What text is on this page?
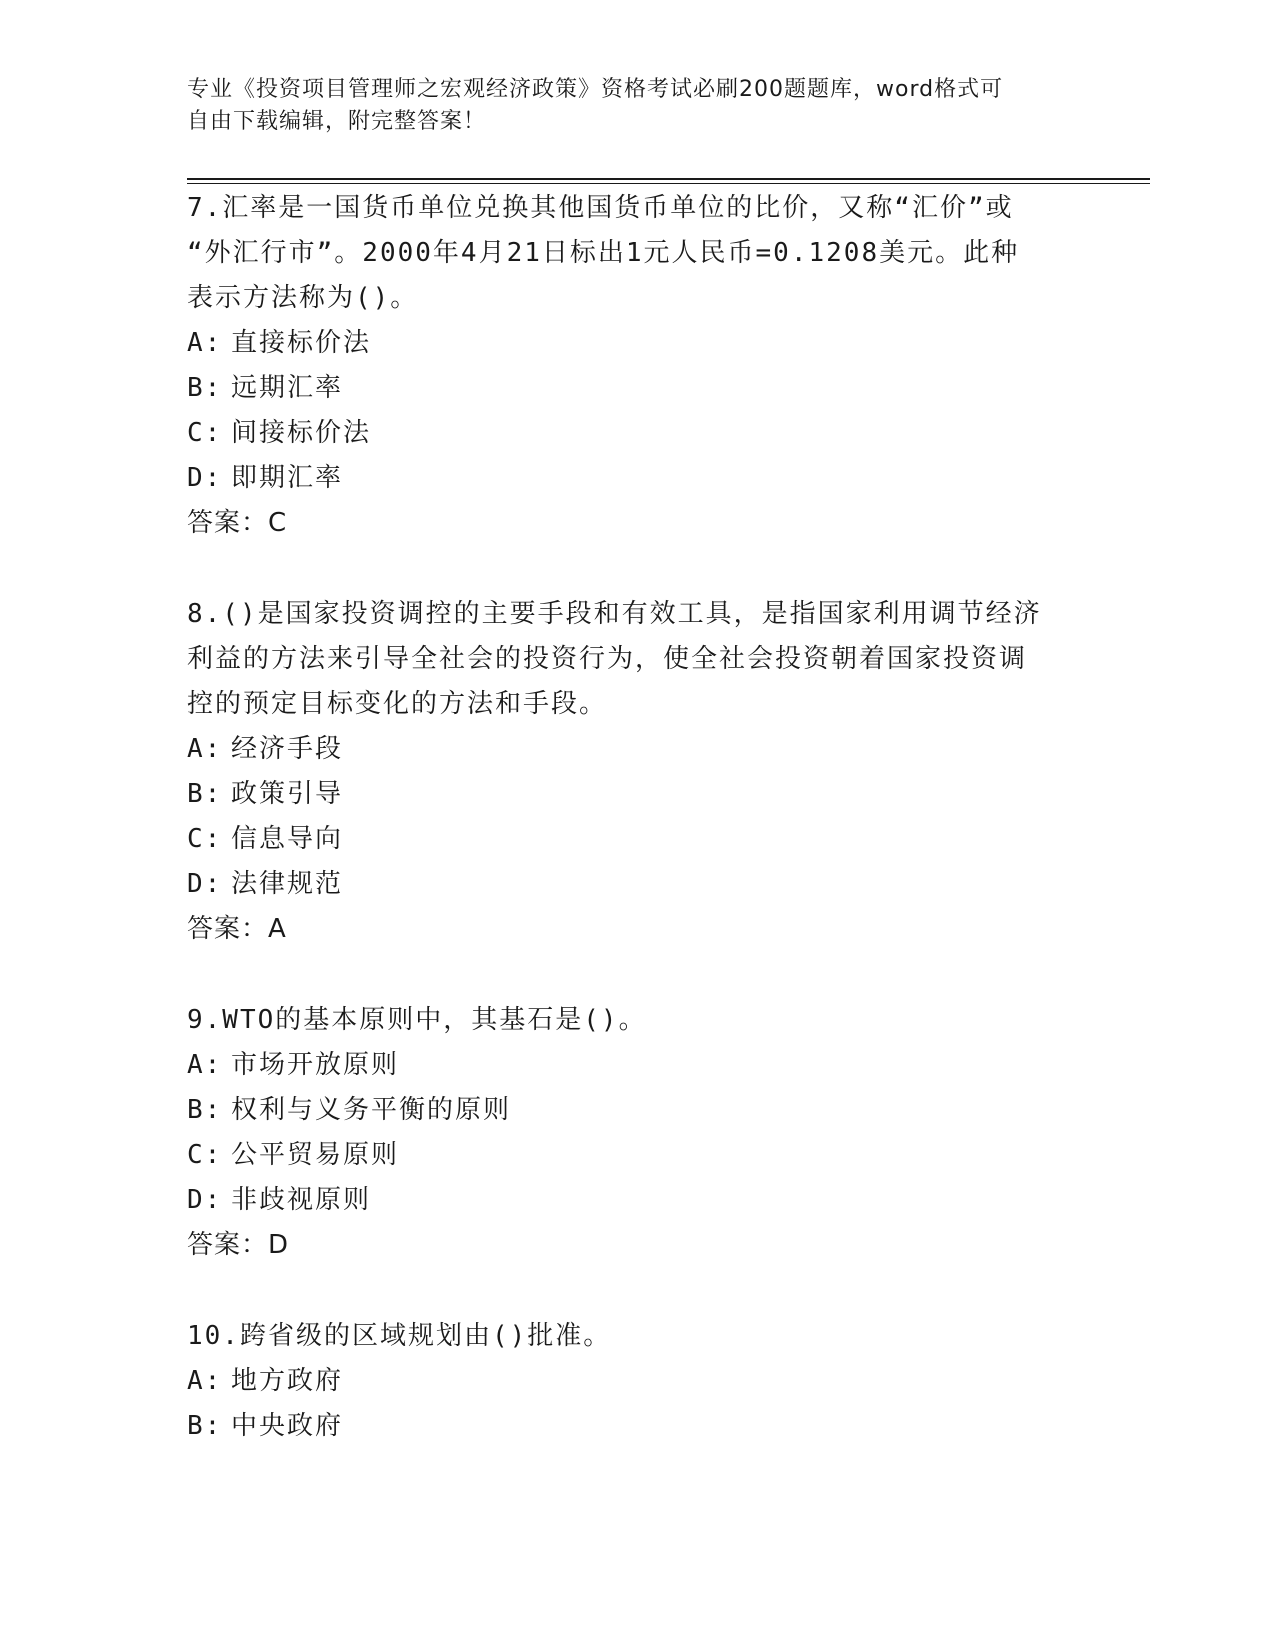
专业《投资项目管理师之宏观经济政策》资格考试必刷200题题库，word格式可
自由下载编辑，附完整答案！

7.汇率是一国货币单位兑换其他国货币单位的比价，又称“汇价”或

“外汇行市”。2000年4月21日标出1元人民币=0.1208美元。此种

表示方法称为()。

A: 直接标价法

B: 远期汇率

C: 间接标价法

D: 即期汇率

答案：C

8.()是国家投资调控的主要手段和有效工具，是指国家利用调节经济

利益的方法来引导全社会的投资行为，使全社会投资朝着国家投资调

控的预定目标变化的方法和手段。

A: 经济手段

B: 政策引导

C: 信息导向

D: 法律规范

答案：A

9.WTO的基本原则中，其基石是()。

A: 市场开放原则

B: 权利与义务平衡的原则

C: 公平贸易原则

D: 非歧视原则

答案：D

10.跨省级的区域规划由()批准。

A: 地方政府

B: 中央政府
